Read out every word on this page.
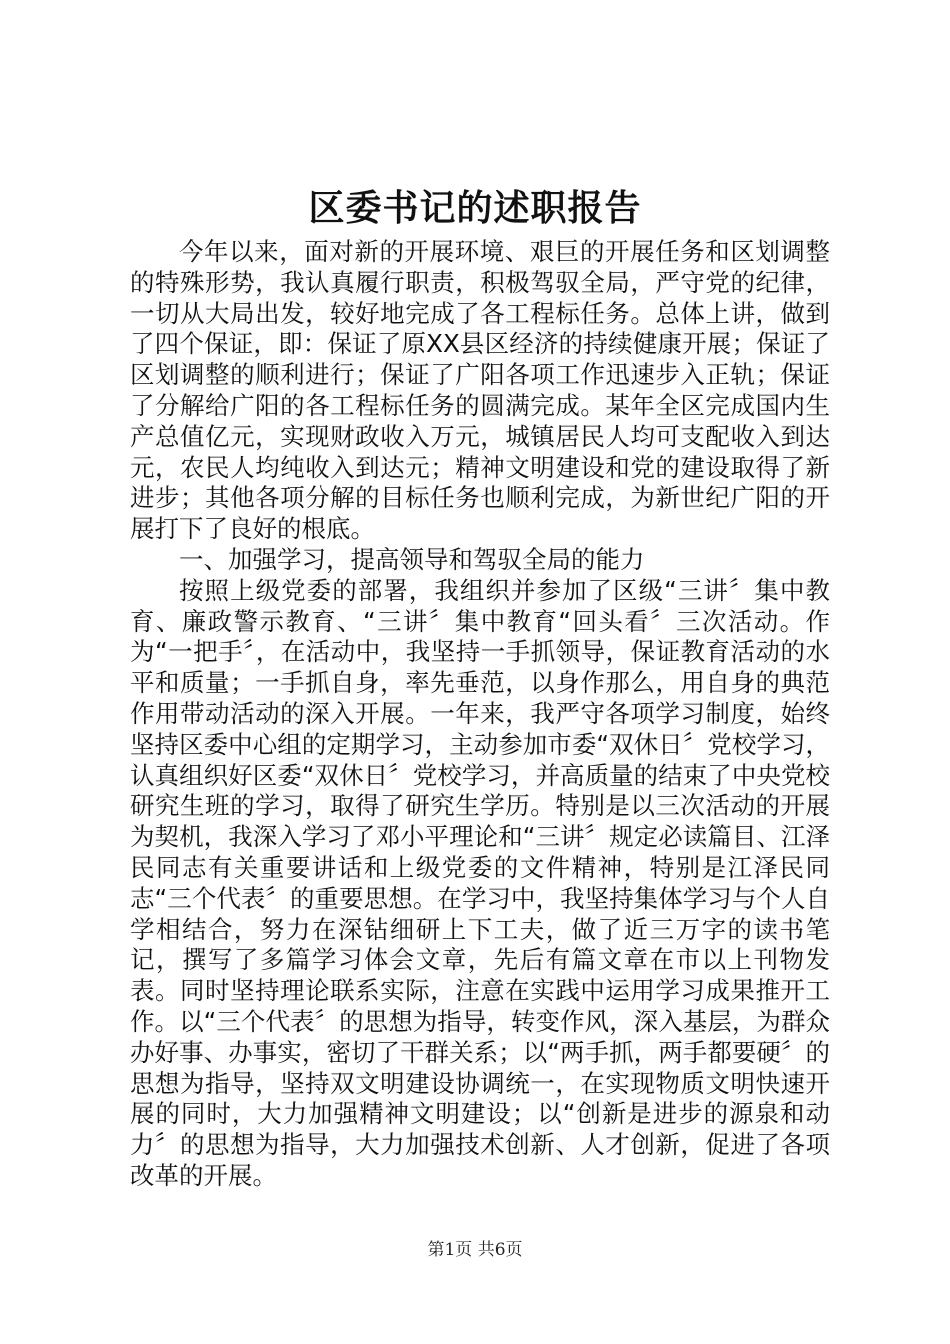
区委书记的述职报告

今年以来，面对新的开展环境、艰巨的开展任务和区划调整的特殊形势，我认真履行职责，积极驾驭全局，严守党的纪律，一切从大局出发，较好地完成了各工程标任务。总体上讲，做到了四个保证，即：保证了原XX县区经济的持续健康开展；保证了区划调整的顺利进行；保证了广阳各项工作迅速步入正轨；保证了分解给广阳的各工程标任务的圆满完成。某年全区完成国内生产总值亿元，实现财政收入万元，城镇居民人均可支配收入到达元，农民人均纯收入到达元；精神文明建设和党的建设取得了新进步；其他各项分解的目标任务也顺利完成，为新世纪广阳的开展打下了良好的根底。

一、加强学习，提高领导和驾驭全局的能力

按照上级党委的部署，我组织并参加了区级“三讲〞集中教育、廉政警示教育、“三讲〞集中教育“回头看〞三次活动。作为“一把手〞，在活动中，我坚持一手抓领导，保证教育活动的水平和质量；一手抓自身，率先垂范，以身作那么，用自身的典范作用带动活动的深入开展。一年来，我严守各项学习制度，始终坚持区委中心组的定期学习，主动参加市委“双休日〞党校学习，认真组织好区委“双休日〞党校学习，并高质量的结束了中央党校研究生班的学习，取得了研究生学历。特别是以三次活动的开展为契机，我深入学习了邓小平理论和“三讲〞规定必读篇目、江泽民同志有关重要讲话和上级党委的文件精神，特别是江泽民同志“三个代表〞的重要思想。在学习中，我坚持集体学习与个人自学相结合，努力在深钻细研上下工夫，做了近三万字的读书笔记，撰写了多篇学习体会文章，先后有篇文章在市以上刊物发表。同时坚持理论联系实际，注意在实践中运用学习成果推开工作。以“三个代表〞的思想为指导，转变作风，深入基层，为群众办好事、办事实，密切了干群关系；以“两手抓，两手都要硬〞的思想为指导，坚持双文明建设协调统一，在实现物质文明快速开展的同时，大力加强精神文明建设；以“创新是进步的源泉和动力〞的思想为指导，大力加强技术创新、人才创新，促进了各项改革的开展。

第1页 共6页
